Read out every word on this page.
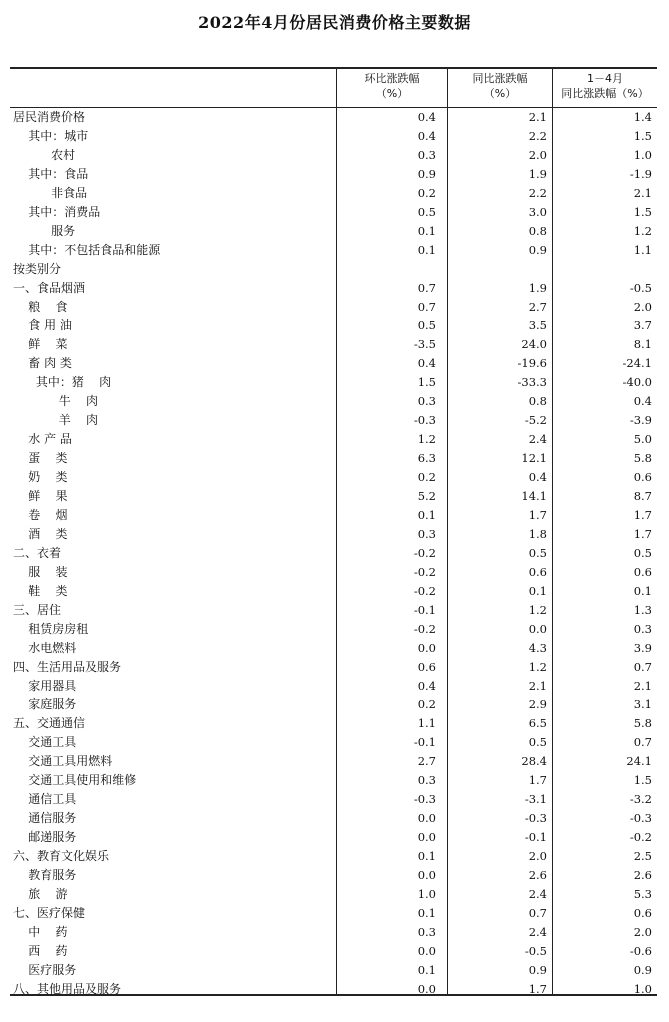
2022年4月份居民消费价格主要数据
环比涨跌幅
（%）
同比涨跌幅
（%）
1－4月
同比涨跌幅（%）
居民消费价格	0.4	2.1	1.4
其中：城市	0.4	2.2	1.5
农村	0.3	2.0	1.0
其中：食品	0.9	1.9	-1.9
非食品	0.2	2.2	2.1
其中：消费品	0.5	3.0	1.5
服务	0.1	0.8	1.2
其中：不包括食品和能源	0.1	0.9	1.1
按类别分
一、食品烟酒	0.7	1.9	-0.5
粮    食	0.7	2.7	2.0
食 用 油	0.5	3.5	3.7
鲜    菜	-3.5	24.0	8.1
畜 肉 类	0.4	-19.6	-24.1
其中：猪    肉	1.5	-33.3	-40.0
牛    肉	0.3	0.8	0.4
羊    肉	-0.3	-5.2	-3.9
水 产 品	1.2	2.4	5.0
蛋    类	6.3	12.1	5.8
奶    类	0.2	0.4	0.6
鲜    果	5.2	14.1	8.7
卷    烟	0.1	1.7	1.7
酒    类	0.3	1.8	1.7
二、衣着	-0.2	0.5	0.5
服    装	-0.2	0.6	0.6
鞋    类	-0.2	0.1	0.1
三、居住	-0.1	1.2	1.3
租赁房房租	-0.2	0.0	0.3
水电燃料	0.0	4.3	3.9
四、生活用品及服务	0.6	1.2	0.7
家用器具	0.4	2.1	2.1
家庭服务	0.2	2.9	3.1
五、交通通信	1.1	6.5	5.8
交通工具	-0.1	0.5	0.7
交通工具用燃料	2.7	28.4	24.1
交通工具使用和维修	0.3	1.7	1.5
通信工具	-0.3	-3.1	-3.2
通信服务	0.0	-0.3	-0.3
邮递服务	0.0	-0.1	-0.2
六、教育文化娱乐	0.1	2.0	2.5
教育服务	0.0	2.6	2.6
旅    游	1.0	2.4	5.3
七、医疗保健	0.1	0.7	0.6
中    药	0.3	2.4	2.0
西    药	0.0	-0.5	-0.6
医疗服务	0.1	0.9	0.9
八、其他用品及服务	0.0	1.7	1.0
